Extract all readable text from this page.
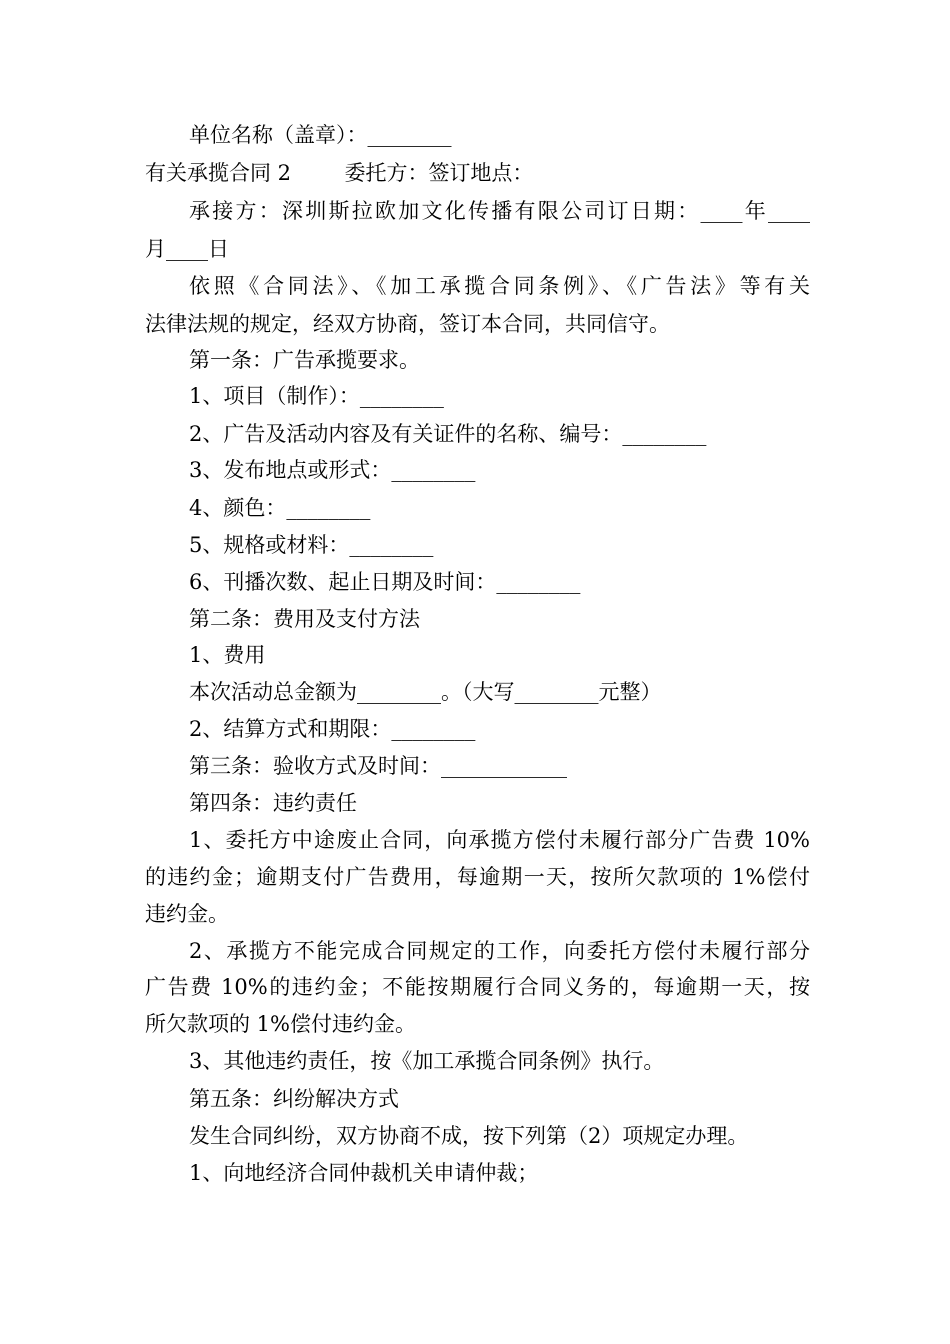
单位名称（盖章）：________
有关承揽合同 2        委托方：签订地点：
承接方：深圳斯拉欧加文化传播有限公司订日期：____年____
月____日
依照《合同法》、《加工承揽合同条例》、《广告法》等有关
法律法规的规定，经双方协商，签订本合同，共同信守。
第一条：广告承揽要求。
1、项目（制作）：________
2、广告及活动内容及有关证件的名称、编号：________
3、发布地点或形式：________
4、颜色：________
5、规格或材料：________
6、刊播次数、起止日期及时间：________
第二条：费用及支付方法
1、费用
本次活动总金额为________。（大写________元整）
2、结算方式和期限：________
第三条：验收方式及时间：____________
第四条：违约责任
1、委托方中途废止合同，向承揽方偿付未履行部分广告费 10%
的违约金；逾期支付广告费用，每逾期一天，按所欠款项的 1%偿付
违约金。
2、承揽方不能完成合同规定的工作，向委托方偿付未履行部分
广告费 10%的违约金；不能按期履行合同义务的，每逾期一天，按
所欠款项的 1%偿付违约金。
3、其他违约责任，按《加工承揽合同条例》执行。
第五条：纠纷解决方式
发生合同纠纷，双方协商不成，按下列第（2）项规定办理。
1、向地经济合同仲裁机关申请仲裁；
